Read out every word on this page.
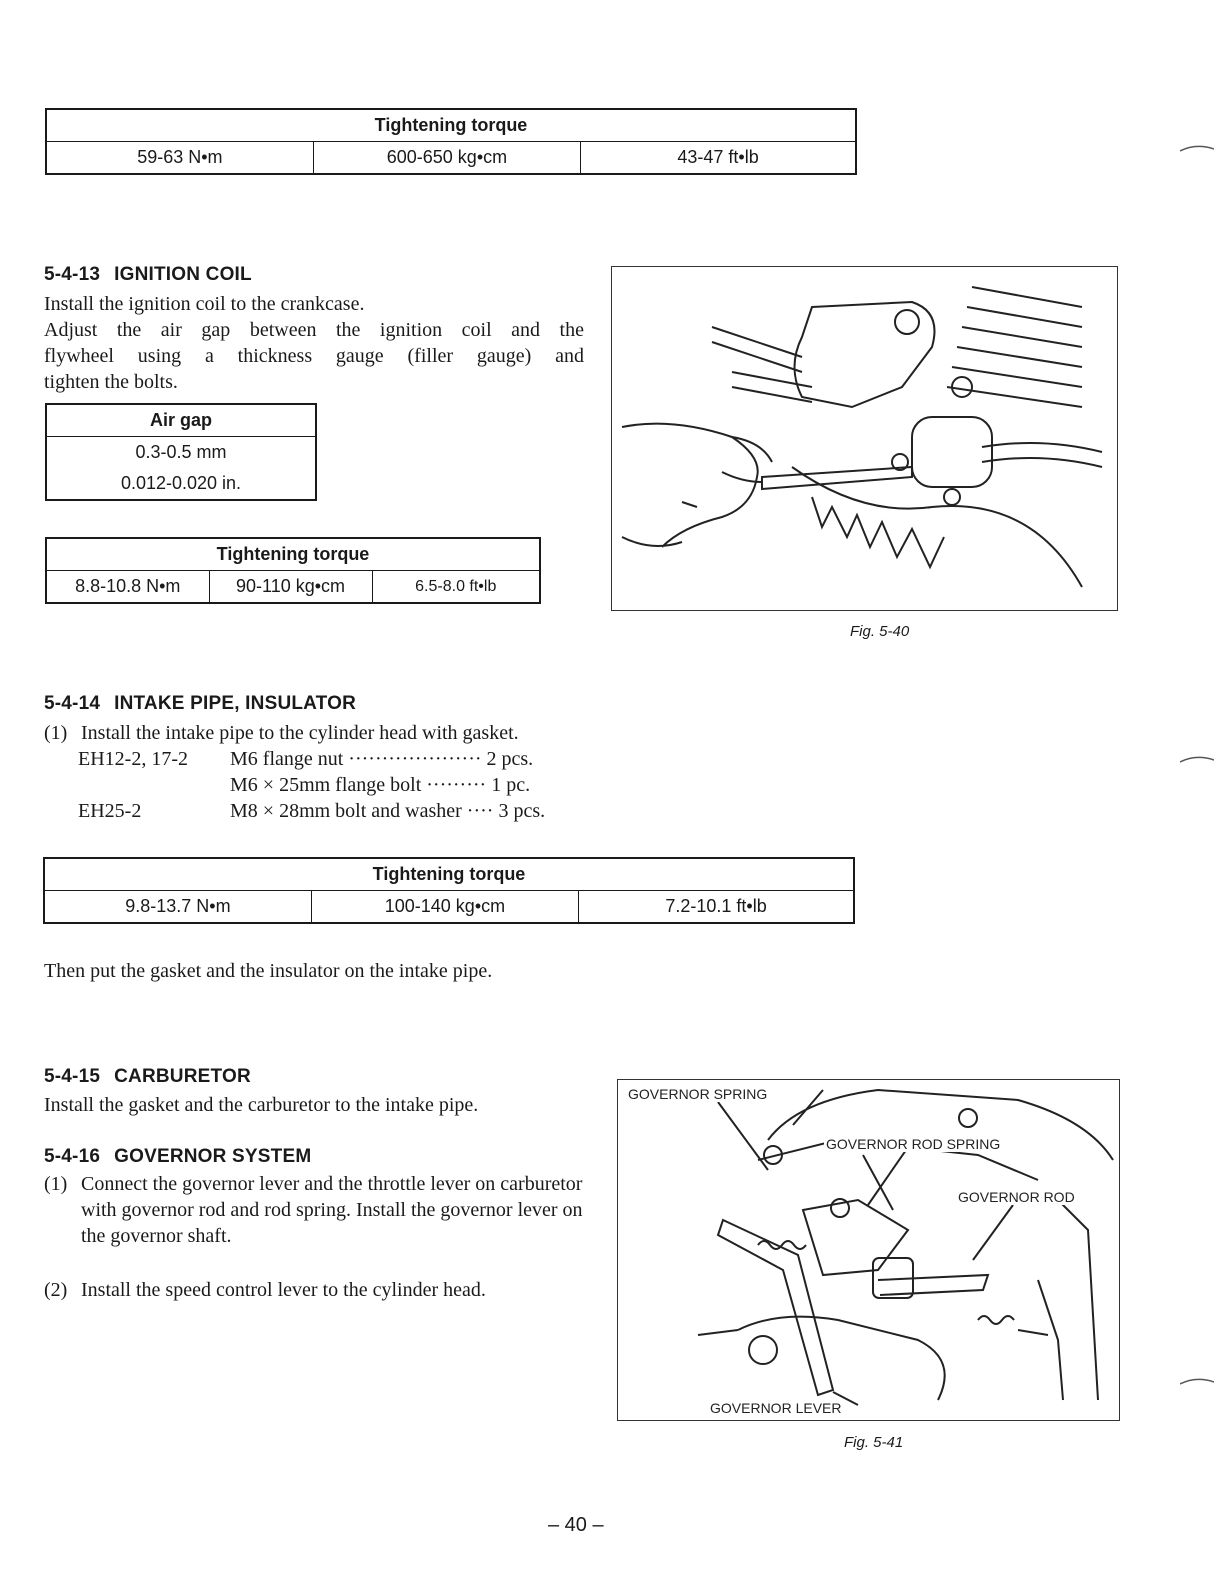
Tightening torque
59-63 N•m	600-650 kg•cm	43-47 ft•lb
5-4-13 IGNITION COIL
Install the ignition coil to the crankcase.
Adjust the air gap between the ignition coil and the
flywheel using a thickness gauge (filler gauge) and
tighten the bolts.
Air gap
0.3-0.5 mm
0.012-0.020 in.
Tightening torque
8.8-10.8 N•m	90-110 kg•cm	6.5-8.0 ft•lb
Fig. 5-40
5-4-14 INTAKE PIPE, INSULATOR
(1) Install the intake pipe to the cylinder head with gasket.
EH12-2, 17-2 M6 flange nut ···················· 2 pcs.
M6 × 25mm flange bolt ········· 1 pc.
EH25-2	M8 × 28mm bolt and washer ···· 3 pcs.
Tightening torque
9.8-13.7 N•m	100-140 kg•cm	7.2-10.1 ft•lb
Then put the gasket and the insulator on the intake pipe.
5-4-15 CARBURETOR
Install the gasket and the carburetor to the intake pipe.
5-4-16 GOVERNOR SYSTEM
(1) Connect the governor lever and the throttle lever on carburetor with governor rod and rod spring. Install the governor lever on the governor shaft.
(2) Install the speed control lever to the cylinder head.
GOVERNOR SPRING
GOVERNOR ROD SPRING
GOVERNOR ROD
GOVERNOR LEVER
Fig. 5-41
– 40 –
